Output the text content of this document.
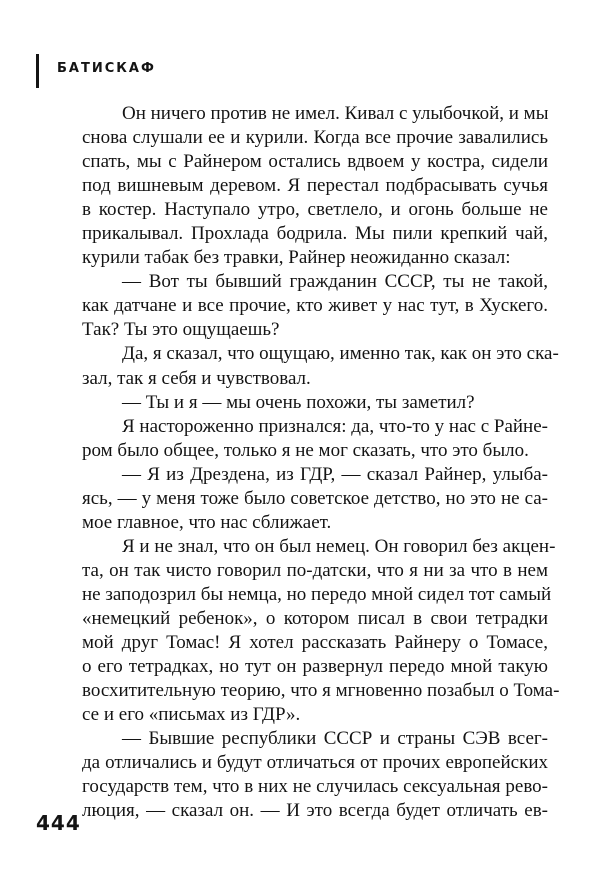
БАТИСКАФ
Он ничего против не имел. Кивал с улыбочкой, и мы
снова слушали ее и курили. Когда все прочие завалились
спать, мы с Райнером остались вдвоем у костра, сидели
под вишневым деревом. Я перестал подбрасывать сучья
в костер. Наступало утро, светлело, и огонь больше не
прикалывал. Прохлада бодрила. Мы пили крепкий чай,
курили табак без травки, Райнер неожиданно сказал:
— Вот ты бывший гражданин СССР, ты не такой,
как датчане и все прочие, кто живет у нас тут, в Хускего.
Так? Ты это ощущаешь?
Да, я сказал, что ощущаю, именно так, как он это ска-
зал, так я себя и чувствовал.
— Ты и я — мы очень похожи, ты заметил?
Я настороженно признался: да, что-то у нас с Райне-
ром было общее, только я не мог сказать, что это было.
— Я из Дрездена, из ГДР, — сказал Райнер, улыба-
ясь, — у меня тоже было советское детство, но это не са-
мое главное, что нас сближает.
Я и не знал, что он был немец. Он говорил без акцен-
та, он так чисто говорил по-датски, что я ни за что в нем
не заподозрил бы немца, но передо мной сидел тот самый
«немецкий ребенок», о котором писал в свои тетрадки
мой друг Томас! Я хотел рассказать Райнеру о Томасе,
о его тетрадках, но тут он развернул передо мной такую
восхитительную теорию, что я мгновенно позабыл о Тома-
се и его «письмах из ГДР».
— Бывшие республики СССР и страны СЭВ всег-
да отличались и будут отличаться от прочих европейских
государств тем, что в них не случилась сексуальная рево-
люция, — сказал он. — И это всегда будет отличать ев-
444
